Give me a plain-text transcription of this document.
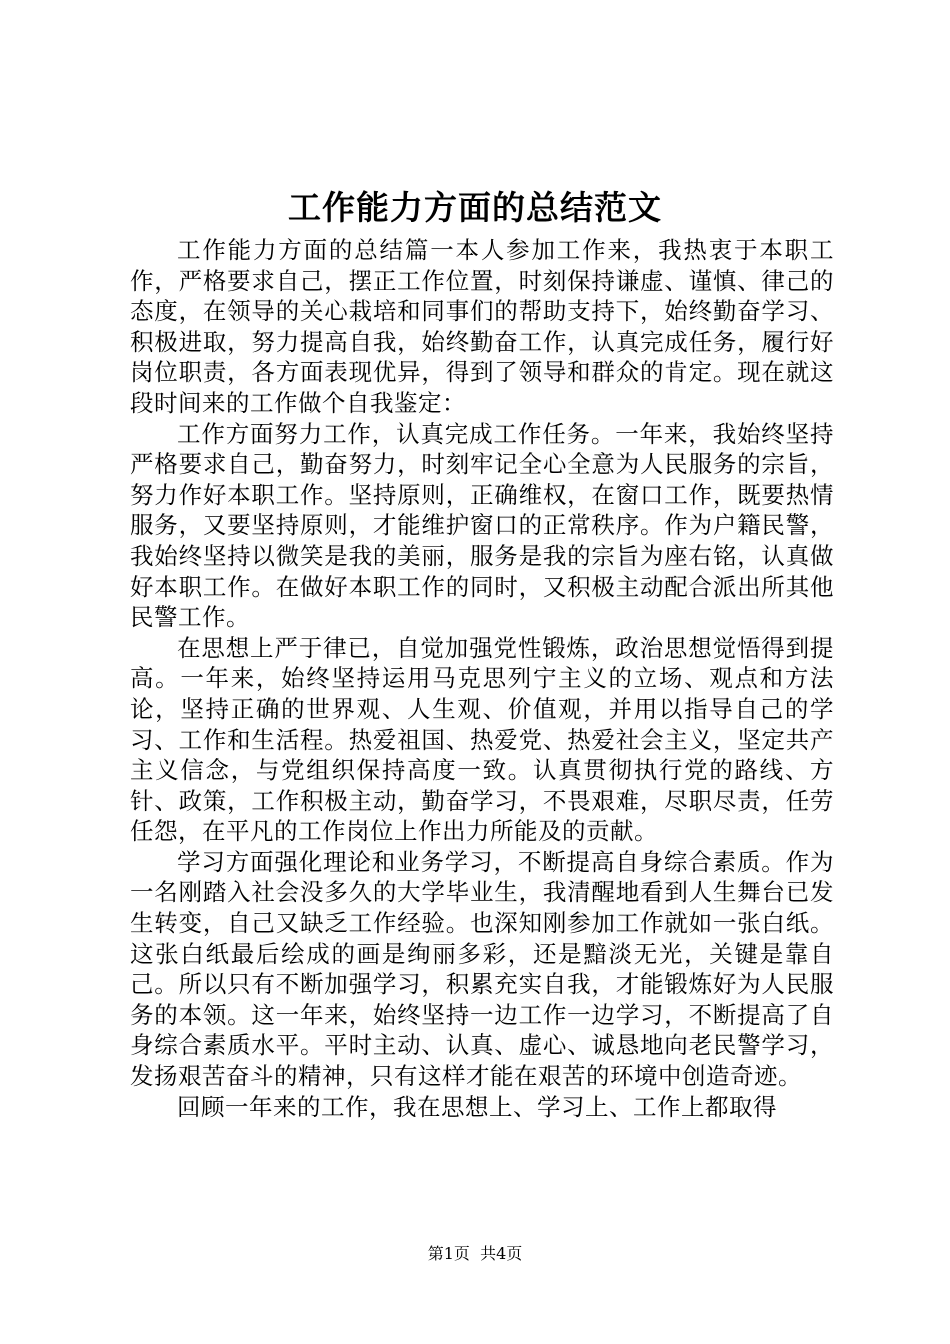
工作能力方面的总结范文

工作能力方面的总结篇一本人参加工作来，我热衷于本职工作，严格要求自己，摆正工作位置，时刻保持谦虚、谨慎、律己的态度，在领导的关心栽培和同事们的帮助支持下，始终勤奋学习、积极进取，努力提高自我，始终勤奋工作，认真完成任务，履行好岗位职责，各方面表现优异，得到了领导和群众的肯定。现在就这段时间来的工作做个自我鉴定：

工作方面努力工作，认真完成工作任务。一年来，我始终坚持严格要求自己，勤奋努力，时刻牢记全心全意为人民服务的宗旨，努力作好本职工作。坚持原则，正确维权，在窗口工作，既要热情服务，又要坚持原则，才能维护窗口的正常秩序。作为户籍民警，我始终坚持以微笑是我的美丽，服务是我的宗旨为座右铭，认真做好本职工作。在做好本职工作的同时，又积极主动配合派出所其他民警工作。

在思想上严于律已，自觉加强党性锻炼，政治思想觉悟得到提高。一年来，始终坚持运用马克思列宁主义的立场、观点和方法论，坚持正确的世界观、人生观、价值观，并用以指导自己的学习、工作和生活程。热爱祖国、热爱党、热爱社会主义，坚定共产主义信念，与党组织保持高度一致。认真贯彻执行党的路线、方针、政策，工作积极主动，勤奋学习，不畏艰难，尽职尽责，任劳任怨，在平凡的工作岗位上作出力所能及的贡献。

学习方面强化理论和业务学习，不断提高自身综合素质。作为一名刚踏入社会没多久的大学毕业生，我清醒地看到人生舞台已发生转变，自己又缺乏工作经验。也深知刚参加工作就如一张白纸。这张白纸最后绘成的画是绚丽多彩，还是黯淡无光，关键是靠自己。所以只有不断加强学习，积累充实自我，才能锻炼好为人民服务的本领。这一年来，始终坚持一边工作一边学习，不断提高了自身综合素质水平。平时主动、认真、虚心、诚恳地向老民警学习，发扬艰苦奋斗的精神，只有这样才能在艰苦的环境中创造奇迹。

回顾一年来的工作，我在思想上、学习上、工作上都取得

第1页 共4页
